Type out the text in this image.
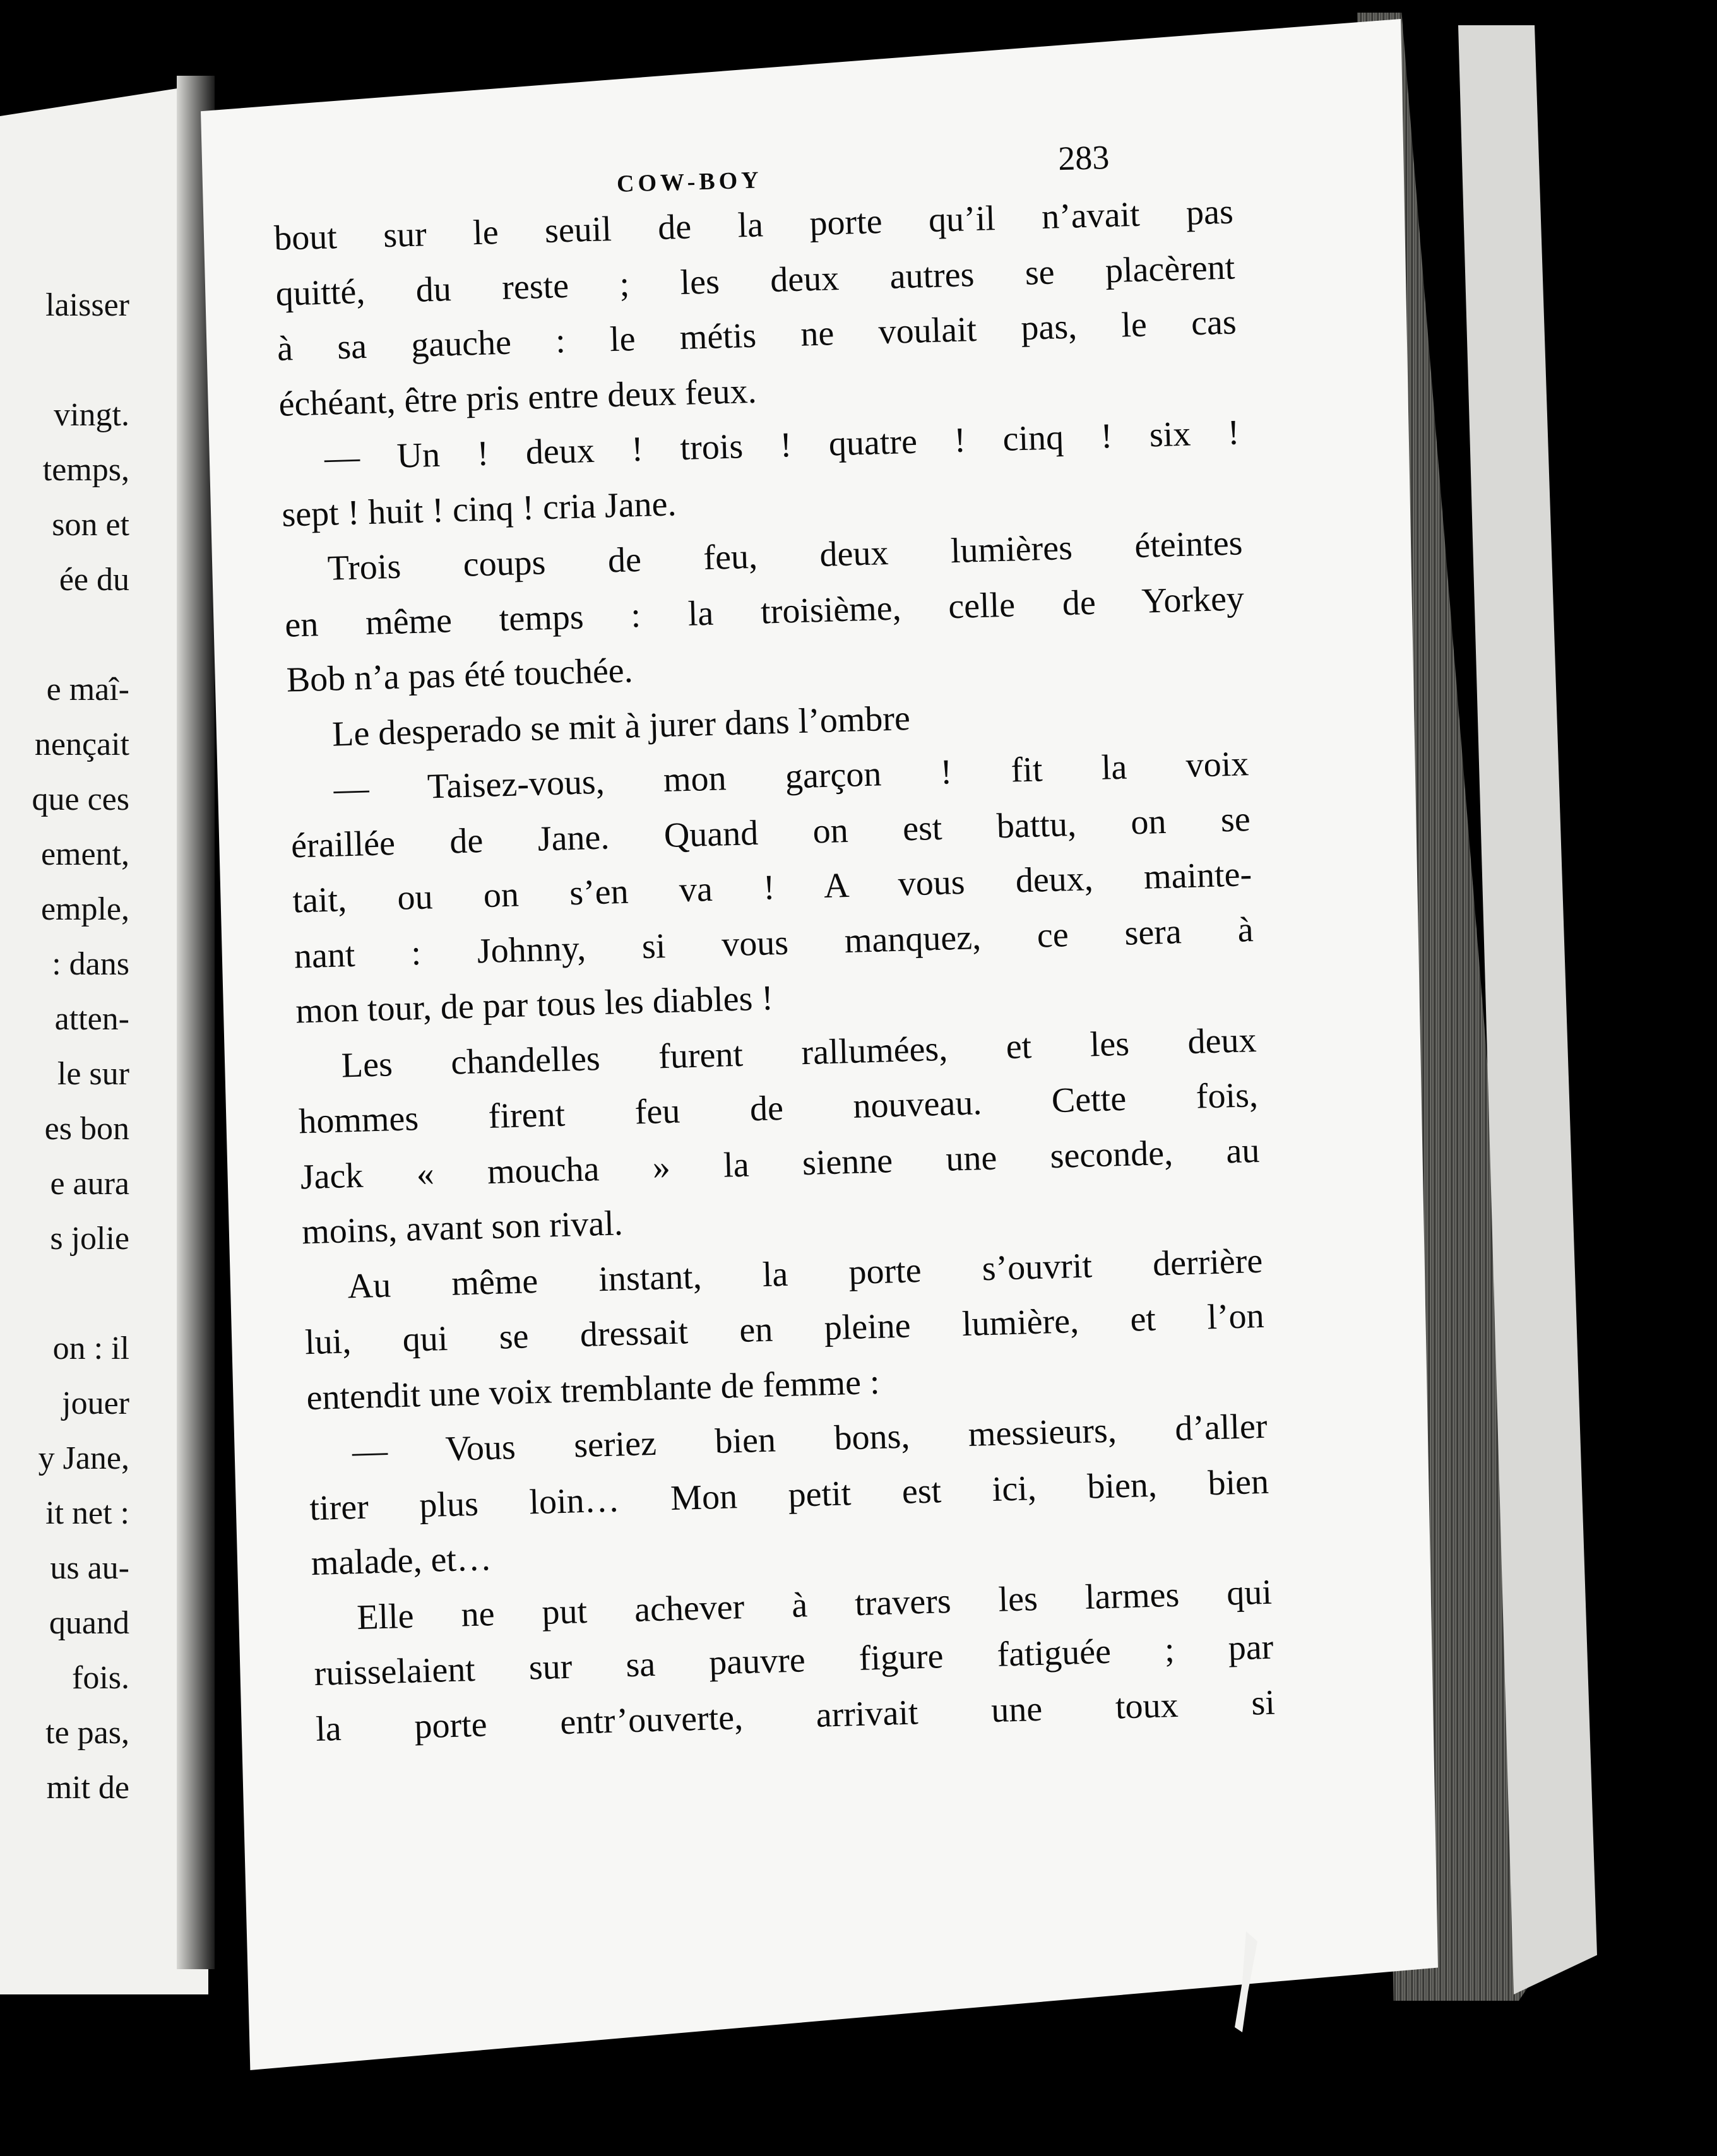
laisser
vingt.
temps,
son et
ée du
e maî-
nençait
que ces
ement,
emple,
: dans
atten-
le sur
es bon
e aura
s jolie
on : il
jouer
y Jane,
it net :
us au-
quand
fois.
te pas,
mit de
COW-BOY
283
bout sur le seuil de la porte qu’il n’avait pas
quitté, du reste ; les deux autres se placèrent
à sa gauche : le métis ne voulait pas, le cas
échéant, être pris entre deux feux.
— Un ! deux ! trois ! quatre ! cinq ! six !
sept ! huit ! cinq ! cria Jane.
Trois coups de feu, deux lumières éteintes
en même temps : la troisième, celle de Yorkey
Bob n’a pas été touchée.
Le desperado se mit à jurer dans l’ombre
— Taisez-vous, mon garçon ! fit la voix
éraillée de Jane. Quand on est battu, on se
tait, ou on s’en va ! A vous deux, mainte-
nant : Johnny, si vous manquez, ce sera à
mon tour, de par tous les diables !
Les chandelles furent rallumées, et les deux
hommes firent feu de nouveau. Cette fois,
Jack « moucha » la sienne une seconde, au
moins, avant son rival.
Au même instant, la porte s’ouvrit derrière
lui, qui se dressait en pleine lumière, et l’on
entendit une voix tremblante de femme :
— Vous seriez bien bons, messieurs, d’aller
tirer plus loin… Mon petit est ici, bien, bien
malade, et…
Elle ne put achever à travers les larmes qui
ruisselaient sur sa pauvre figure fatiguée ; par
la porte entr’ouverte, arrivait une toux si
